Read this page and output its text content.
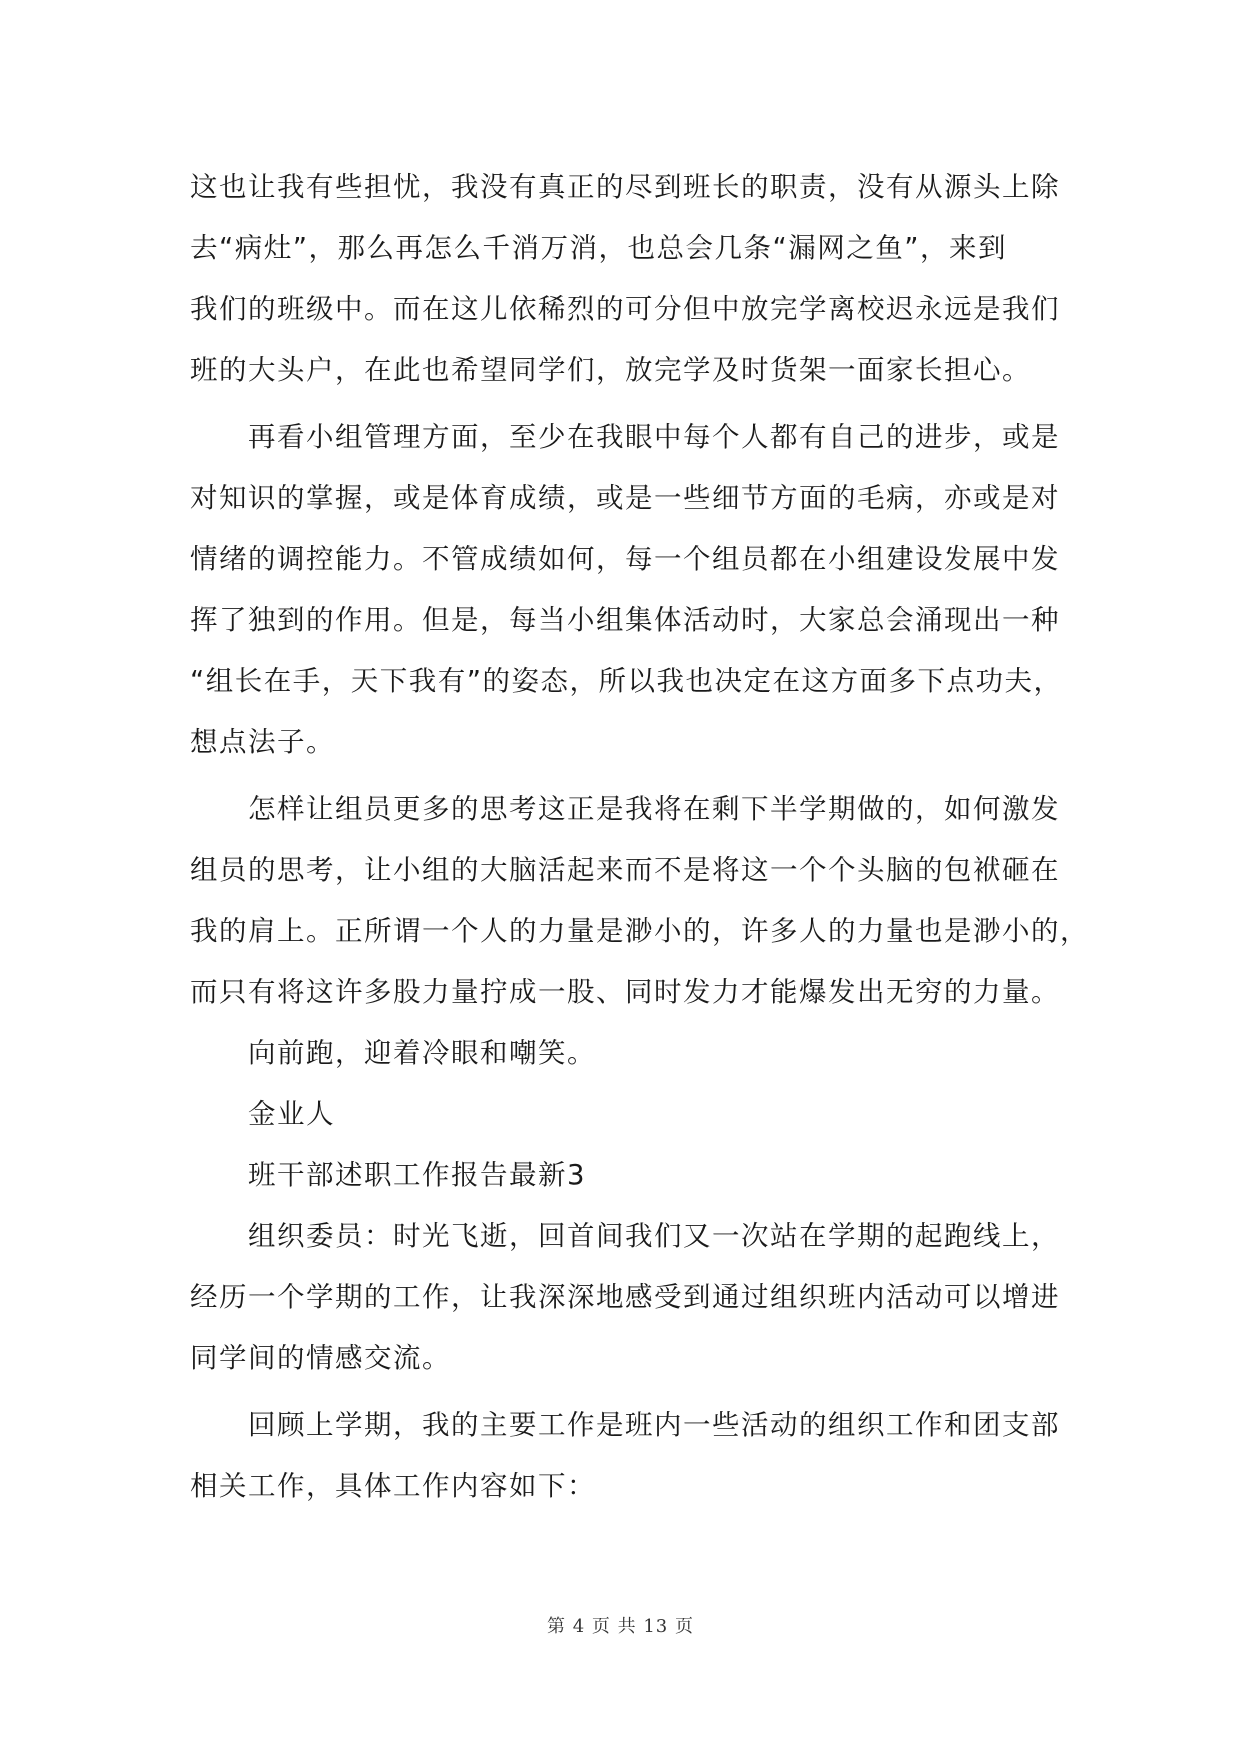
这也让我有些担忧，我没有真正的尽到班长的职责，没有从源头上除
去“病灶”，那么再怎么千消万消，也总会几条“漏网之鱼”，来到
我们的班级中。而在这儿依稀烈的可分但中放完学离校迟永远是我们
班的大头户，在此也希望同学们，放完学及时货架一面家长担心。
再看小组管理方面，至少在我眼中每个人都有自己的进步，或是
对知识的掌握，或是体育成绩，或是一些细节方面的毛病，亦或是对
情绪的调控能力。不管成绩如何，每一个组员都在小组建设发展中发
挥了独到的作用。但是，每当小组集体活动时，大家总会涌现出一种
“组长在手，天下我有”的姿态，所以我也决定在这方面多下点功夫，
想点法子。
怎样让组员更多的思考这正是我将在剩下半学期做的，如何激发
组员的思考，让小组的大脑活起来而不是将这一个个头脑的包袱砸在
我的肩上。正所谓一个人的力量是渺小的，许多人的力量也是渺小的，
而只有将这许多股力量拧成一股、同时发力才能爆发出无穷的力量。
向前跑，迎着冷眼和嘲笑。
金业人
班干部述职工作报告最新3
组织委员：时光飞逝，回首间我们又一次站在学期的起跑线上，
经历一个学期的工作，让我深深地感受到通过组织班内活动可以增进
同学间的情感交流。
回顾上学期，我的主要工作是班内一些活动的组织工作和团支部
相关工作，具体工作内容如下：
第 4 页 共 13 页
